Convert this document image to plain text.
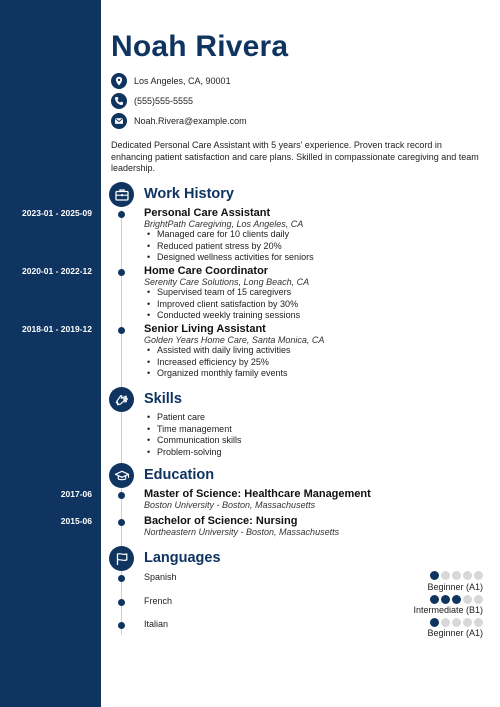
2023-01 - 2025-09
2020-01 - 2022-12
2018-01 - 2019-12
2017-06
2015-06
Noah Rivera
Los Angeles, CA, 90001
(555)555-5555
Noah.Rivera@example.com

Dedicated Personal Care Assistant with 5 years' experience. Proven track record in enhancing patient satisfaction and care plans. Skilled in compassionate caregiving and team leadership.

Work History
Personal Care Assistant
BrightPath Caregiving, Los Angeles, CA
• Managed care for 10 clients daily
• Reduced patient stress by 20%
• Designed wellness activities for seniors
Home Care Coordinator
Serenity Care Solutions, Long Beach, CA
• Supervised team of 15 caregivers
• Improved client satisfaction by 30%
• Conducted weekly training sessions
Senior Living Assistant
Golden Years Home Care, Santa Monica, CA
• Assisted with daily living activities
• Increased efficiency by 25%
• Organized monthly family events
Skills
• Patient care
• Time management
• Communication skills
• Problem-solving
Education
Master of Science: Healthcare Management
Boston University - Boston, Massachusetts
Bachelor of Science: Nursing
Northeastern University - Boston, Massachusetts
Languages
Spanish
Beginner (A1)
French
Intermediate (B1)
Italian
Beginner (A1)
